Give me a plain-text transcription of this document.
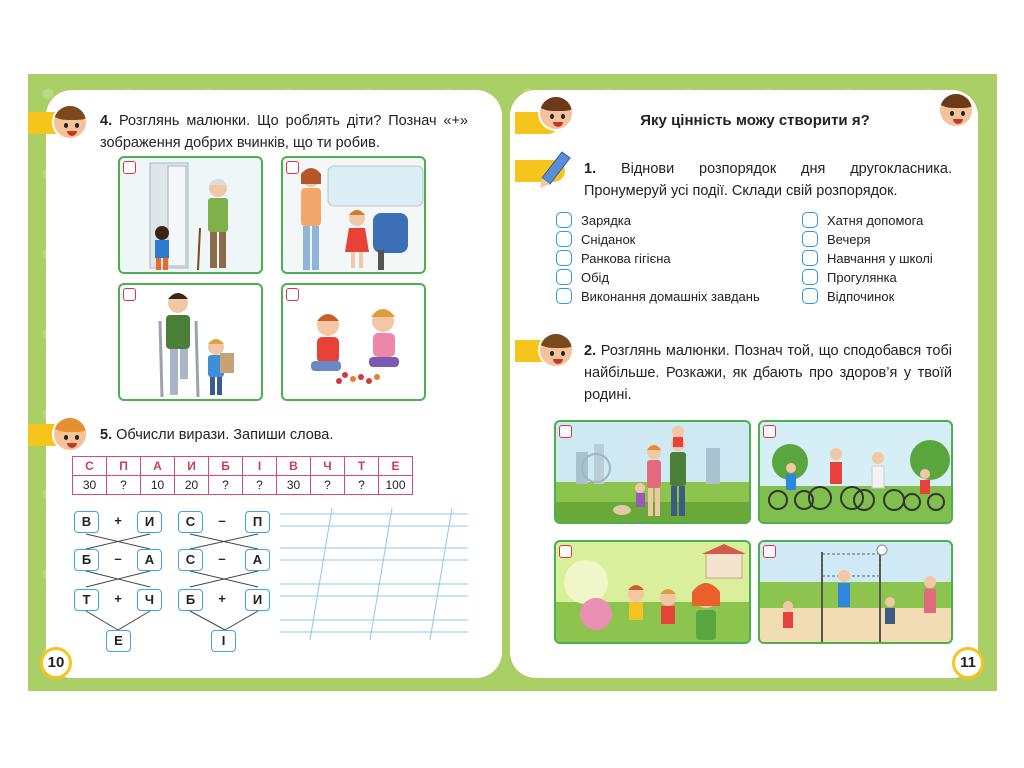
4. Розглянь малюнки. Що роблять діти? Познач «+» зображення добрих вчинків, що ти робив.
5. Обчисли вирази. Запиши слова.
С	П	А	И	Б	І	В	Ч	Т	Е
30	?	10	20	?	?	30	?	?	100
В	+	И
Б	–	А
Т	+	Ч
Е
С	–	П
С	–	А
Б	+	И
І
10
Яку цінність можу створити я?
1. Віднови розпорядок дня другокласника. Пронумеруй усі події. Склади свій розпорядок.
Зарядка
Сніданок
Ранкова гігієна
Обід
Виконання домашніх завдань
Хатня допомога
Вечеря
Навчання у школі
Прогулянка
Відпочинок
2. Розглянь малюнки. Познач той, що сподобався тобі найбільше. Розкажи, як дбають про здоров’я у твоїй родині.
11
